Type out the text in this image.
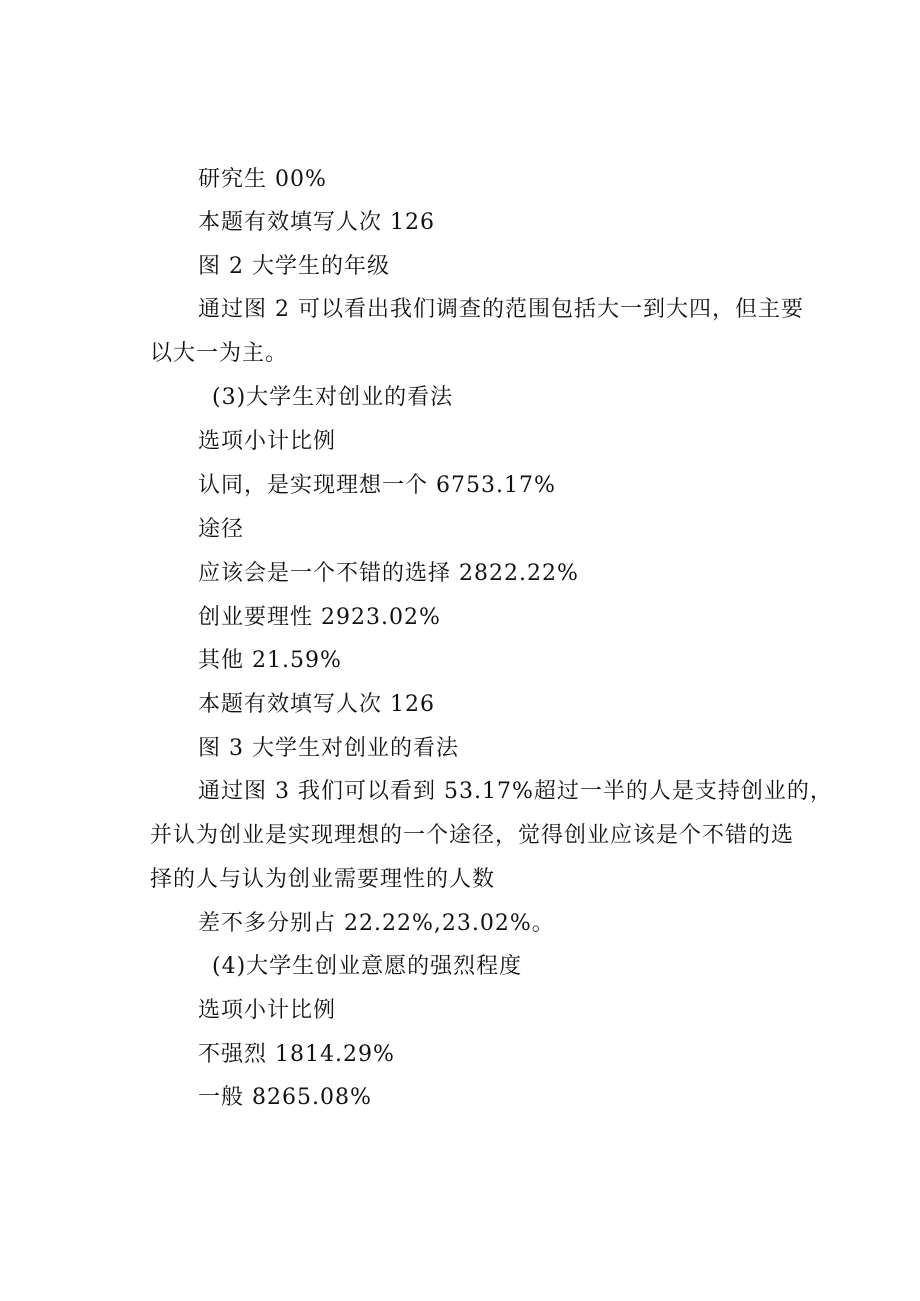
研究生 00%
本题有效填写人次 126
图 2 大学生的年级
通过图 2 可以看出我们调查的范围包括大一到大四，但主要
以大一为主。
(3)大学生对创业的看法
选项小计比例
认同，是实现理想一个 6753.17%
途径
应该会是一个不错的选择 2822.22%
创业要理性 2923.02%
其他 21.59%
本题有效填写人次 126
图 3 大学生对创业的看法
通过图 3 我们可以看到 53.17%超过一半的人是支持创业的，
并认为创业是实现理想的一个途径，觉得创业应该是个不错的选
择的人与认为创业需要理性的人数
差不多分别占 22.22%,23.02%。
(4)大学生创业意愿的强烈程度
选项小计比例
不强烈 1814.29%
一般 8265.08%
